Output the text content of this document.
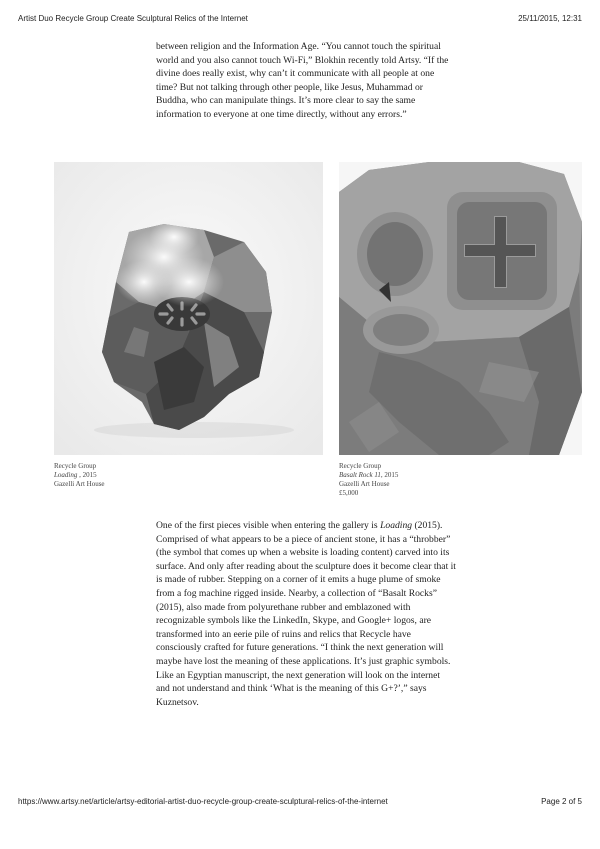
Artist Duo Recycle Group Create Sculptural Relics of the Internet	25/11/2015, 12:31

between religion and the Information Age. “You cannot touch the spiritual world and you also cannot touch Wi-Fi,” Blokhin recently told Artsy. “If the divine does really exist, why can’t it communicate with all people at one time? But not talking through other people, like Jesus, Muhammad or Buddha, who can manipulate things. It’s more clear to say the same information to everyone at one time directly, without any errors.”

Recycle Group
Loading , 2015
Gazelli Art House
Recycle Group
Basalt Rock 11, 2015
Gazelli Art House
£5,000

One of the first pieces visible when entering the gallery is Loading (2015). Comprised of what appears to be a piece of ancient stone, it has a “throbber” (the symbol that comes up when a website is loading content) carved into its surface. And only after reading about the sculpture does it become clear that it is made of rubber. Stepping on a corner of it emits a huge plume of smoke from a fog machine rigged inside. Nearby, a collection of “Basalt Rocks” (2015), also made from polyurethane rubber and emblazoned with recognizable symbols like the LinkedIn, Skype, and Google+ logos, are transformed into an eerie pile of ruins and relics that Recycle have consciously crafted for future generations. “I think the next generation will maybe have lost the meaning of these applications. It’s just graphic symbols. Like an Egyptian manuscript, the next generation will look on the internet and not understand and think ‘What is the meaning of this G+?’,” says Kuznetsov.

https://www.artsy.net/article/artsy-editorial-artist-duo-recycle-group-create-sculptural-relics-of-the-internet	Page 2 of 5
